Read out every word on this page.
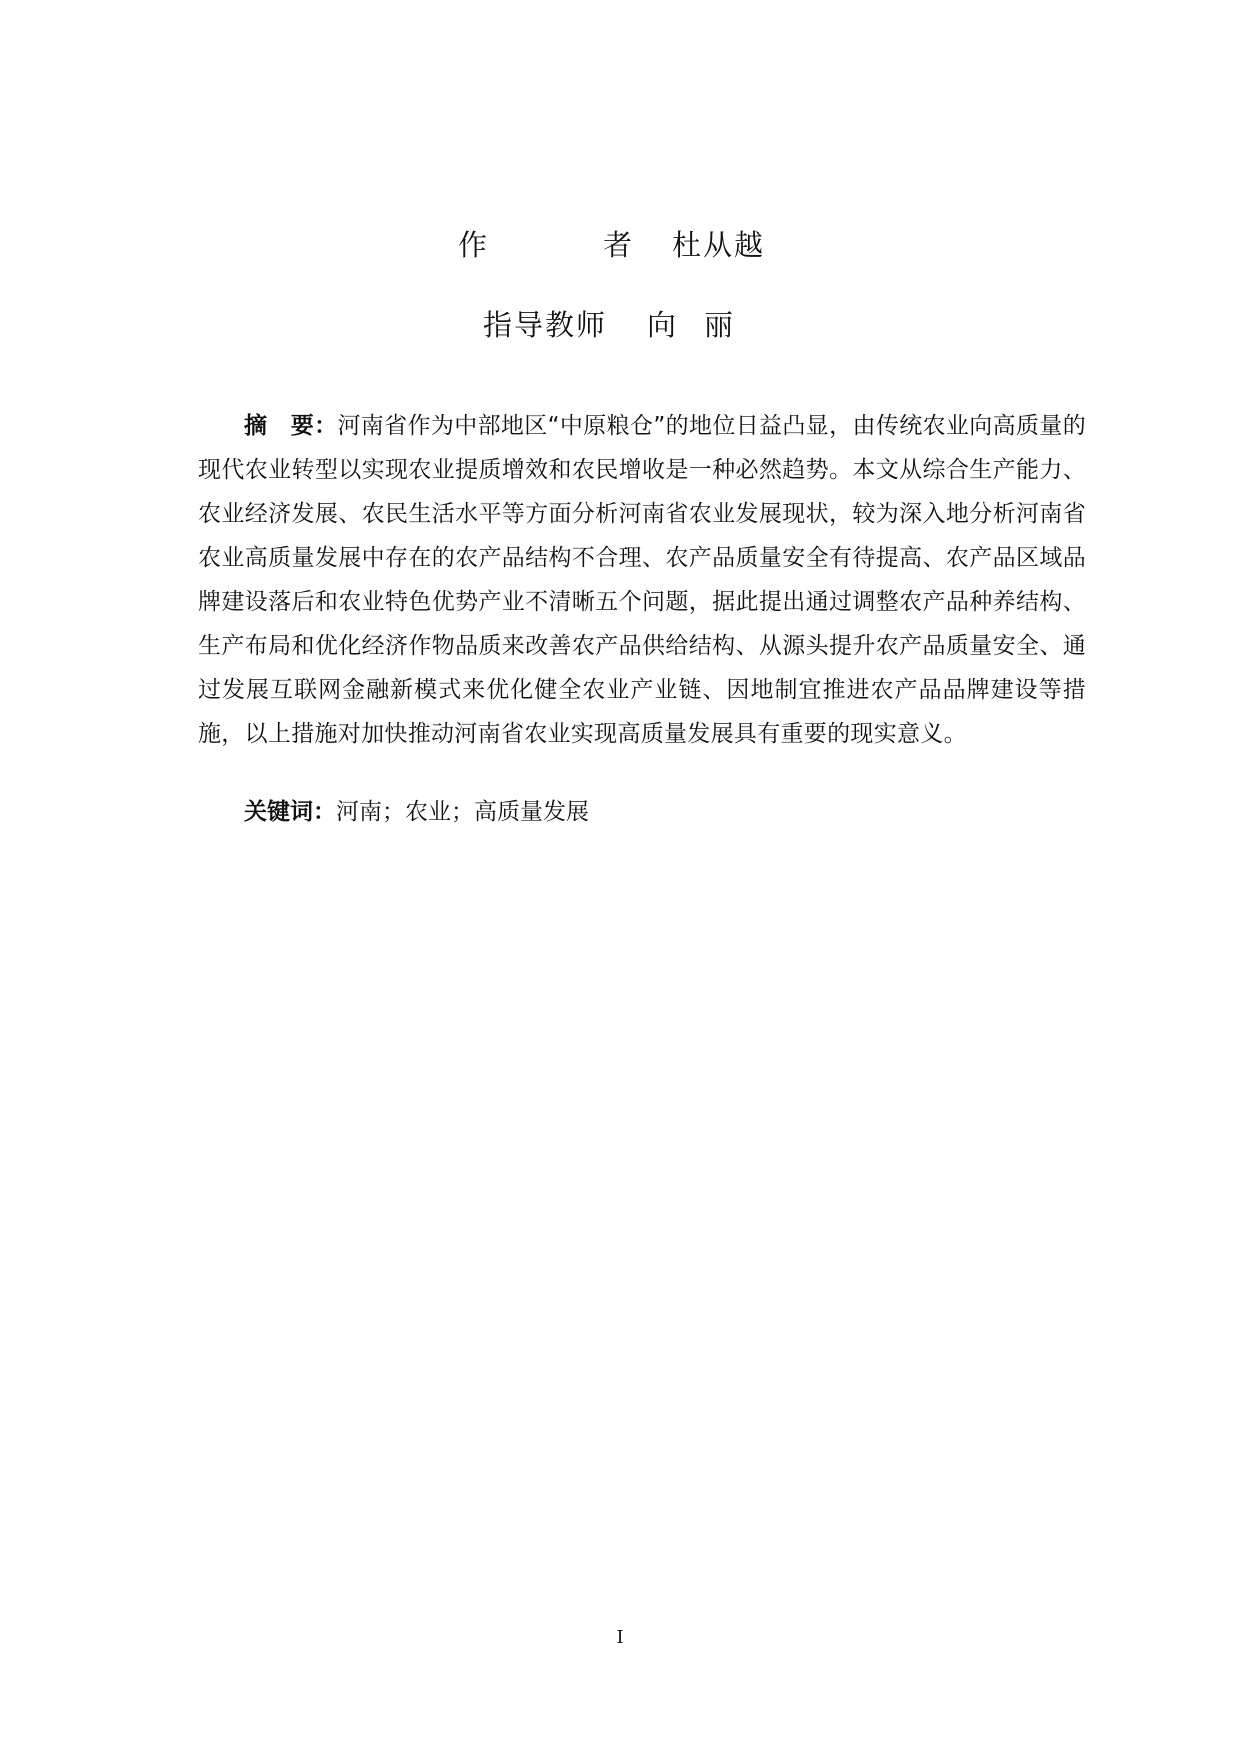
作	者 杜从越
指导教师 向 丽

摘　要：河南省作为中部地区“中原粮仓”的地位日益凸显，由传统农业向高质量的现代农业转型以实现农业提质增效和农民增收是一种必然趋势。本文从综合生产能力、农业经济发展、农民生活水平等方面分析河南省农业发展现状，较为深入地分析河南省农业高质量发展中存在的农产品结构不合理、农产品质量安全有待提高、农产品区域品牌建设落后和农业特色优势产业不清晰五个问题，据此提出通过调整农产品种养结构、生产布局和优化经济作物品质来改善农产品供给结构、从源头提升农产品质量安全、通过发展互联网金融新模式来优化健全农业产业链、因地制宜推进农产品品牌建设等措施，以上措施对加快推动河南省农业实现高质量发展具有重要的现实意义。

关键词：河南；农业；高质量发展

I
